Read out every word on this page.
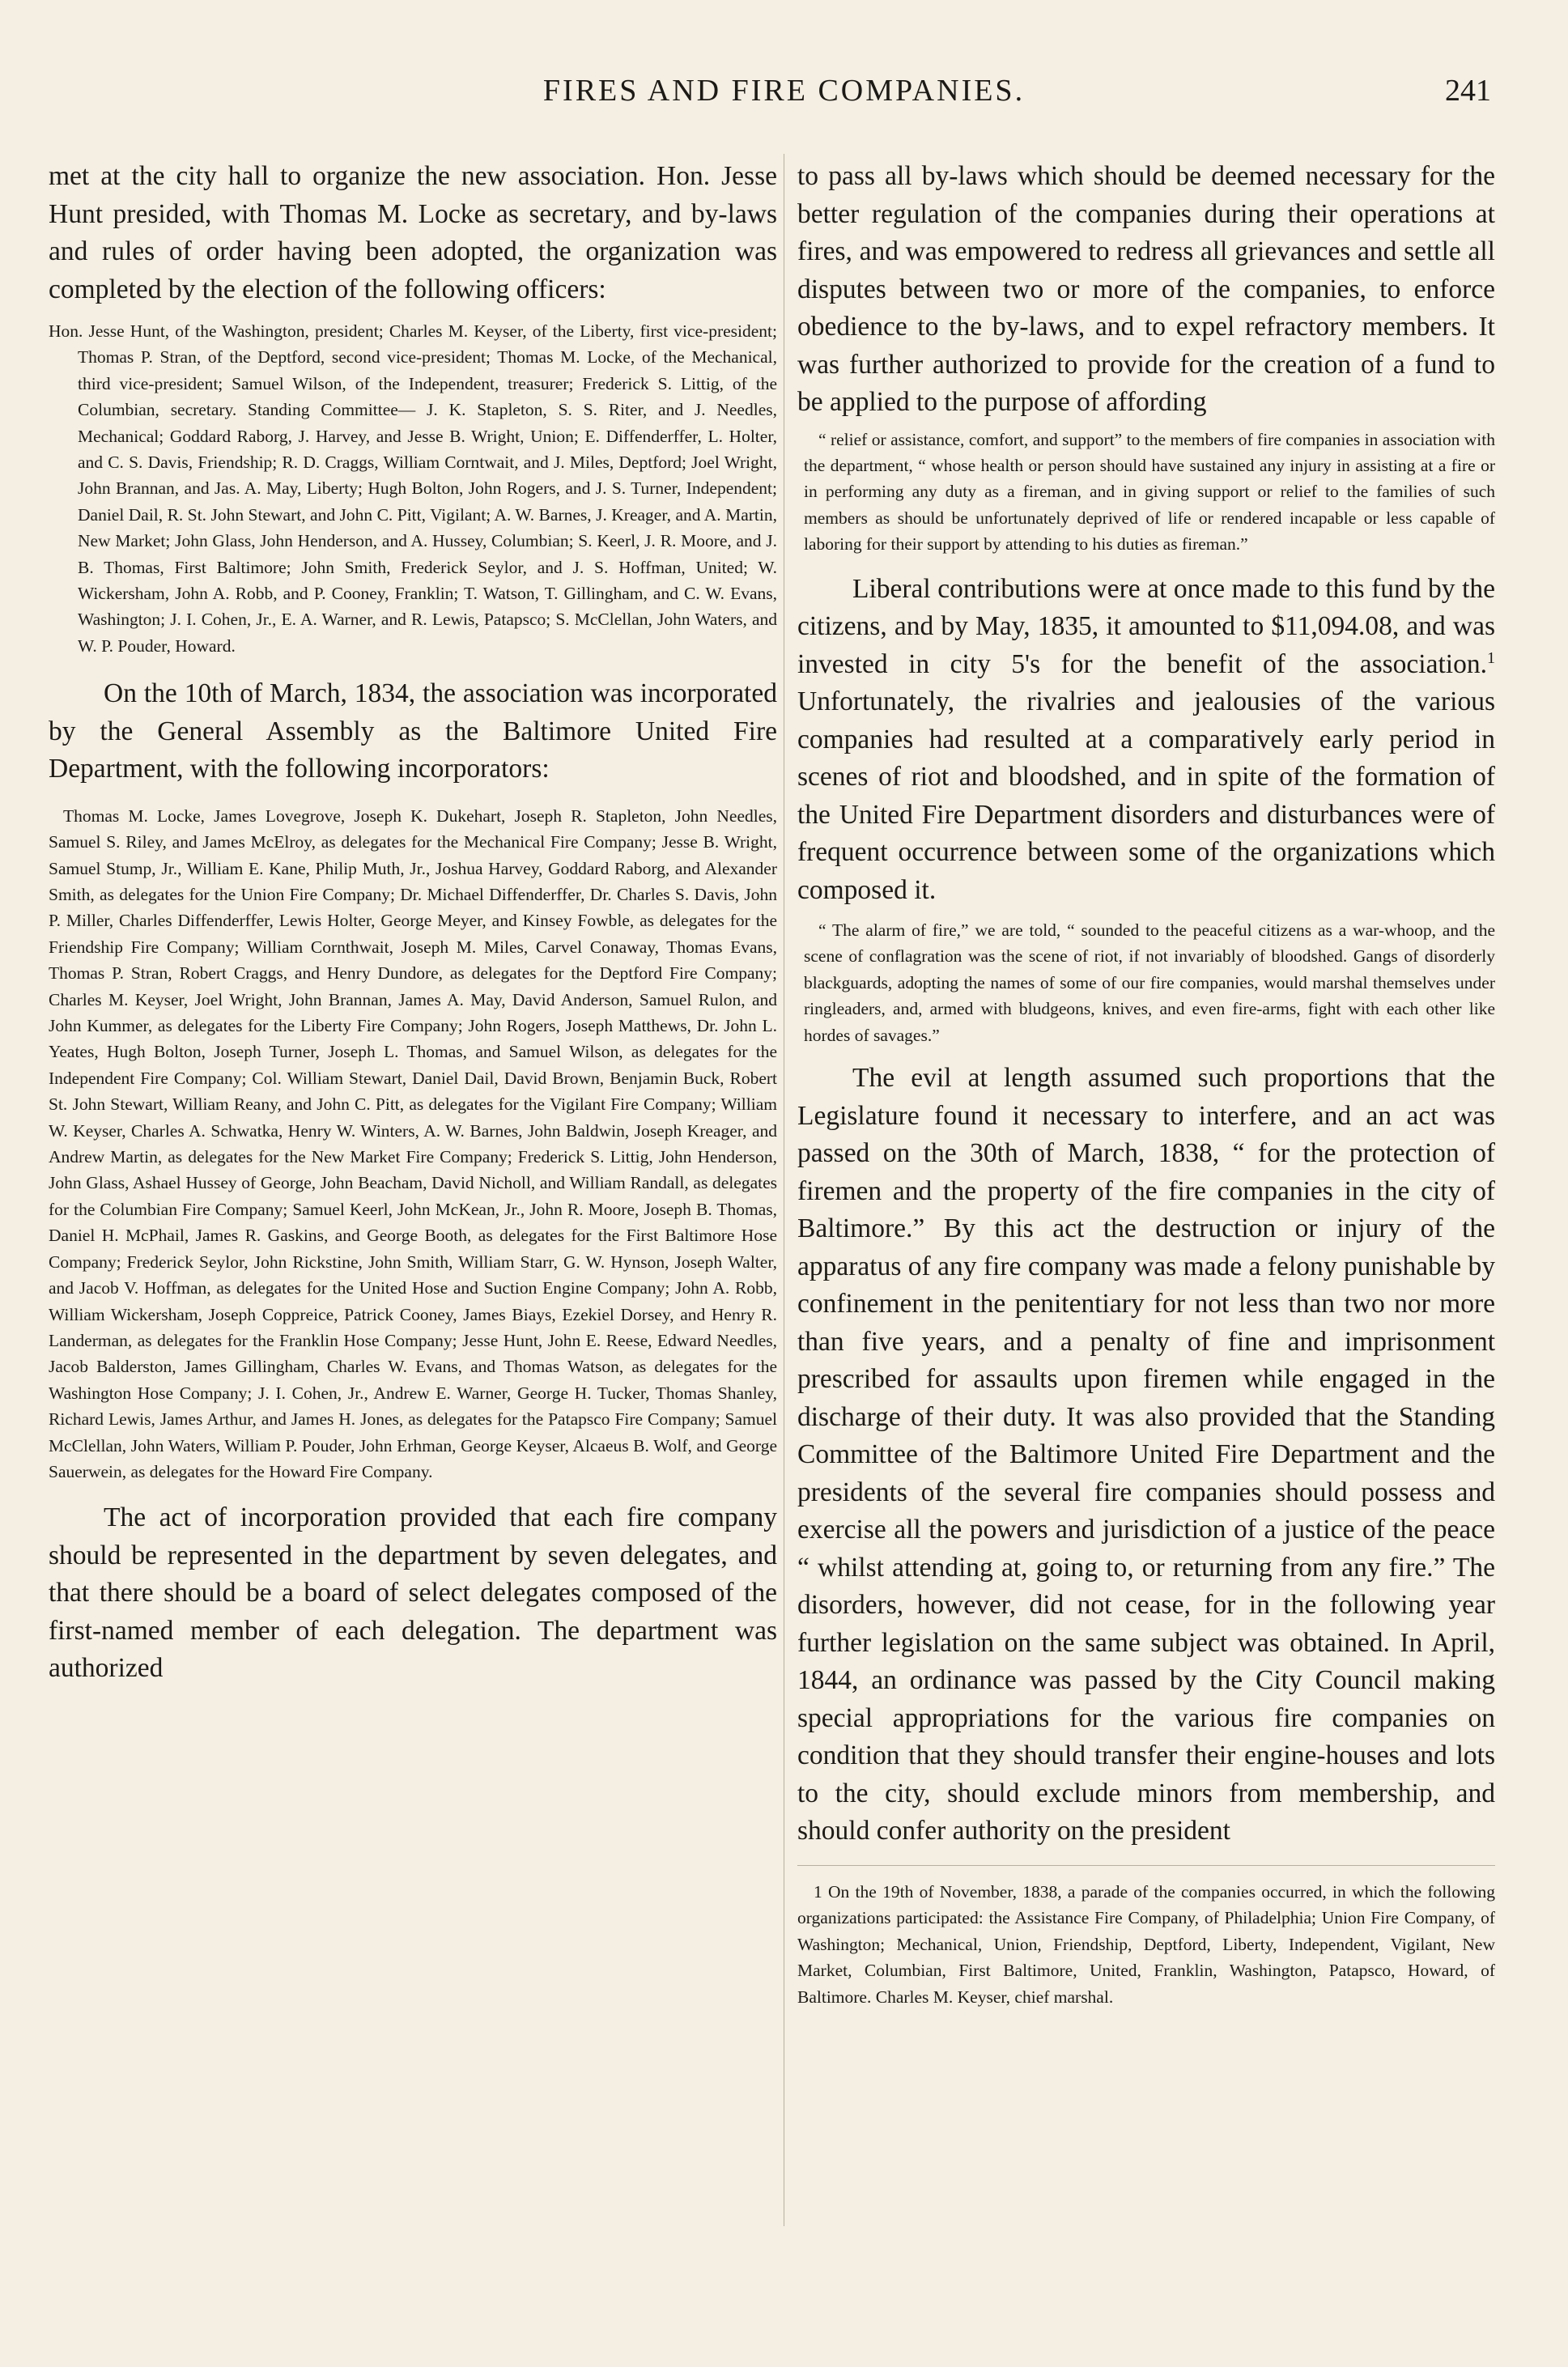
FIRES AND FIRE COMPANIES.	241

met at the city hall to organize the new association. Hon. Jesse Hunt presided, with Thomas M. Locke as secretary, and by-laws and rules of order having been adopted, the organization was completed by the election of the following officers:

Hon. Jesse Hunt, of the Washington, president; Charles M. Keyser, of the Liberty, first vice-president; Thomas P. Stran, of the Deptford, second vice-president; Thomas M. Locke, of the Mechanical, third vice-president; Samuel Wilson, of the Independent, treasurer; Frederick S. Littig, of the Columbian, secretary. Standing Committee— J. K. Stapleton, S. S. Riter, and J. Needles, Mechanical; Goddard Raborg, J. Harvey, and Jesse B. Wright, Union; E. Diffenderffer, L. Holter, and C. S. Davis, Friendship; R. D. Craggs, William Corntwait, and J. Miles, Deptford; Joel Wright, John Brannan, and Jas. A. May, Liberty; Hugh Bolton, John Rogers, and J. S. Turner, Independent; Daniel Dail, R. St. John Stewart, and John C. Pitt, Vigilant; A. W. Barnes, J. Kreager, and A. Martin, New Market; John Glass, John Henderson, and A. Hussey, Columbian; S. Keerl, J. R. Moore, and J. B. Thomas, First Baltimore; John Smith, Frederick Seylor, and J. S. Hoffman, United; W. Wickersham, John A. Robb, and P. Cooney, Franklin; T. Watson, T. Gillingham, and C. W. Evans, Washington; J. I. Cohen, Jr., E. A. Warner, and R. Lewis, Patapsco; S. McClellan, John Waters, and W. P. Pouder, Howard.

On the 10th of March, 1834, the association was incorporated by the General Assembly as the Baltimore United Fire Department, with the following incorporators:

Thomas M. Locke, James Lovegrove, Joseph K. Dukehart, Joseph R. Stapleton, John Needles, Samuel S. Riley, and James McElroy, as delegates for the Mechanical Fire Company; Jesse B. Wright, Samuel Stump, Jr., William E. Kane, Philip Muth, Jr., Joshua Harvey, Goddard Raborg, and Alexander Smith, as delegates for the Union Fire Company; Dr. Michael Diffenderffer, Dr. Charles S. Davis, John P. Miller, Charles Diffenderffer, Lewis Holter, George Meyer, and Kinsey Fowble, as delegates for the Friendship Fire Company; William Cornthwait, Joseph M. Miles, Carvel Conaway, Thomas Evans, Thomas P. Stran, Robert Craggs, and Henry Dundore, as delegates for the Deptford Fire Company; Charles M. Keyser, Joel Wright, John Brannan, James A. May, David Anderson, Samuel Rulon, and John Kummer, as delegates for the Liberty Fire Company; John Rogers, Joseph Matthews, Dr. John L. Yeates, Hugh Bolton, Joseph Turner, Joseph L. Thomas, and Samuel Wilson, as delegates for the Independent Fire Company; Col. William Stewart, Daniel Dail, David Brown, Benjamin Buck, Robert St. John Stewart, William Reany, and John C. Pitt, as delegates for the Vigilant Fire Company; William W. Keyser, Charles A. Schwatka, Henry W. Winters, A. W. Barnes, John Baldwin, Joseph Kreager, and Andrew Martin, as delegates for the New Market Fire Company; Frederick S. Littig, John Henderson, John Glass, Ashael Hussey of George, John Beacham, David Nicholl, and William Randall, as delegates for the Columbian Fire Company; Samuel Keerl, John McKean, Jr., John R. Moore, Joseph B. Thomas, Daniel H. McPhail, James R. Gaskins, and George Booth, as delegates for the First Baltimore Hose Company; Frederick Seylor, John Rickstine, John Smith, William Starr, G. W. Hynson, Joseph Walter, and Jacob V. Hoffman, as delegates for the United Hose and Suction Engine Company; John A. Robb, William Wickersham, Joseph Coppreice, Patrick Cooney, James Biays, Ezekiel Dorsey, and Henry R. Landerman, as delegates for the Franklin Hose Company; Jesse Hunt, John E. Reese, Edward Needles, Jacob Balderston, James Gillingham, Charles W. Evans, and Thomas Watson, as delegates for the Washington Hose Company; J. I. Cohen, Jr., Andrew E. Warner, George H. Tucker, Thomas Shanley, Richard Lewis, James Arthur, and James H. Jones, as delegates for the Patapsco Fire Company; Samuel McClellan, John Waters, William P. Pouder, John Erhman, George Keyser, Alcaeus B. Wolf, and George Sauerwein, as delegates for the Howard Fire Company.

The act of incorporation provided that each fire company should be represented in the department by seven delegates, and that there should be a board of select delegates composed of the first-named member of each delegation. The department was authorized

to pass all by-laws which should be deemed necessary for the better regulation of the companies during their operations at fires, and was empowered to redress all grievances and settle all disputes between two or more of the companies, to enforce obedience to the by-laws, and to expel refractory members. It was further authorized to provide for the creation of a fund to be applied to the purpose of affording

“ relief or assistance, comfort, and support” to the members of fire companies in association with the department, “ whose health or person should have sustained any injury in assisting at a fire or in performing any duty as a fireman, and in giving support or relief to the families of such members as should be unfortunately deprived of life or rendered incapable or less capable of laboring for their support by attending to his duties as fireman.”

Liberal contributions were at once made to this fund by the citizens, and by May, 1835, it amounted to $11,094.08, and was invested in city 5's for the benefit of the association.$^1$ Unfortunately, the rivalries and jealousies of the various companies had resulted at a comparatively early period in scenes of riot and bloodshed, and in spite of the formation of the United Fire Department disorders and disturbances were of frequent occurrence between some of the organizations which composed it.

“ The alarm of fire,” we are told, “ sounded to the peaceful citizens as a war-whoop, and the scene of conflagration was the scene of riot, if not invariably of bloodshed. Gangs of disorderly blackguards, adopting the names of some of our fire companies, would marshal themselves under ringleaders, and, armed with bludgeons, knives, and even fire-arms, fight with each other like hordes of savages.”

The evil at length assumed such proportions that the Legislature found it necessary to interfere, and an act was passed on the 30th of March, 1838, “ for the protection of firemen and the property of the fire companies in the city of Baltimore.” By this act the destruction or injury of the apparatus of any fire company was made a felony punishable by confinement in the penitentiary for not less than two nor more than five years, and a penalty of fine and imprisonment prescribed for assaults upon firemen while engaged in the discharge of their duty. It was also provided that the Standing Committee of the Baltimore United Fire Department and the presidents of the several fire companies should possess and exercise all the powers and jurisdiction of a justice of the peace “ whilst attending at, going to, or returning from any fire.” The disorders, however, did not cease, for in the following year further legislation on the same subject was obtained. In April, 1844, an ordinance was passed by the City Council making special appropriations for the various fire companies on condition that they should transfer their engine-houses and lots to the city, should exclude minors from membership, and should confer authority on the president

1 On the 19th of November, 1838, a parade of the companies occurred, in which the following organizations participated: the Assistance Fire Company, of Philadelphia; Union Fire Company, of Washington; Mechanical, Union, Friendship, Deptford, Liberty, Independent, Vigilant, New Market, Columbian, First Baltimore, United, Franklin, Washington, Patapsco, Howard, of Baltimore. Charles M. Keyser, chief marshal.
